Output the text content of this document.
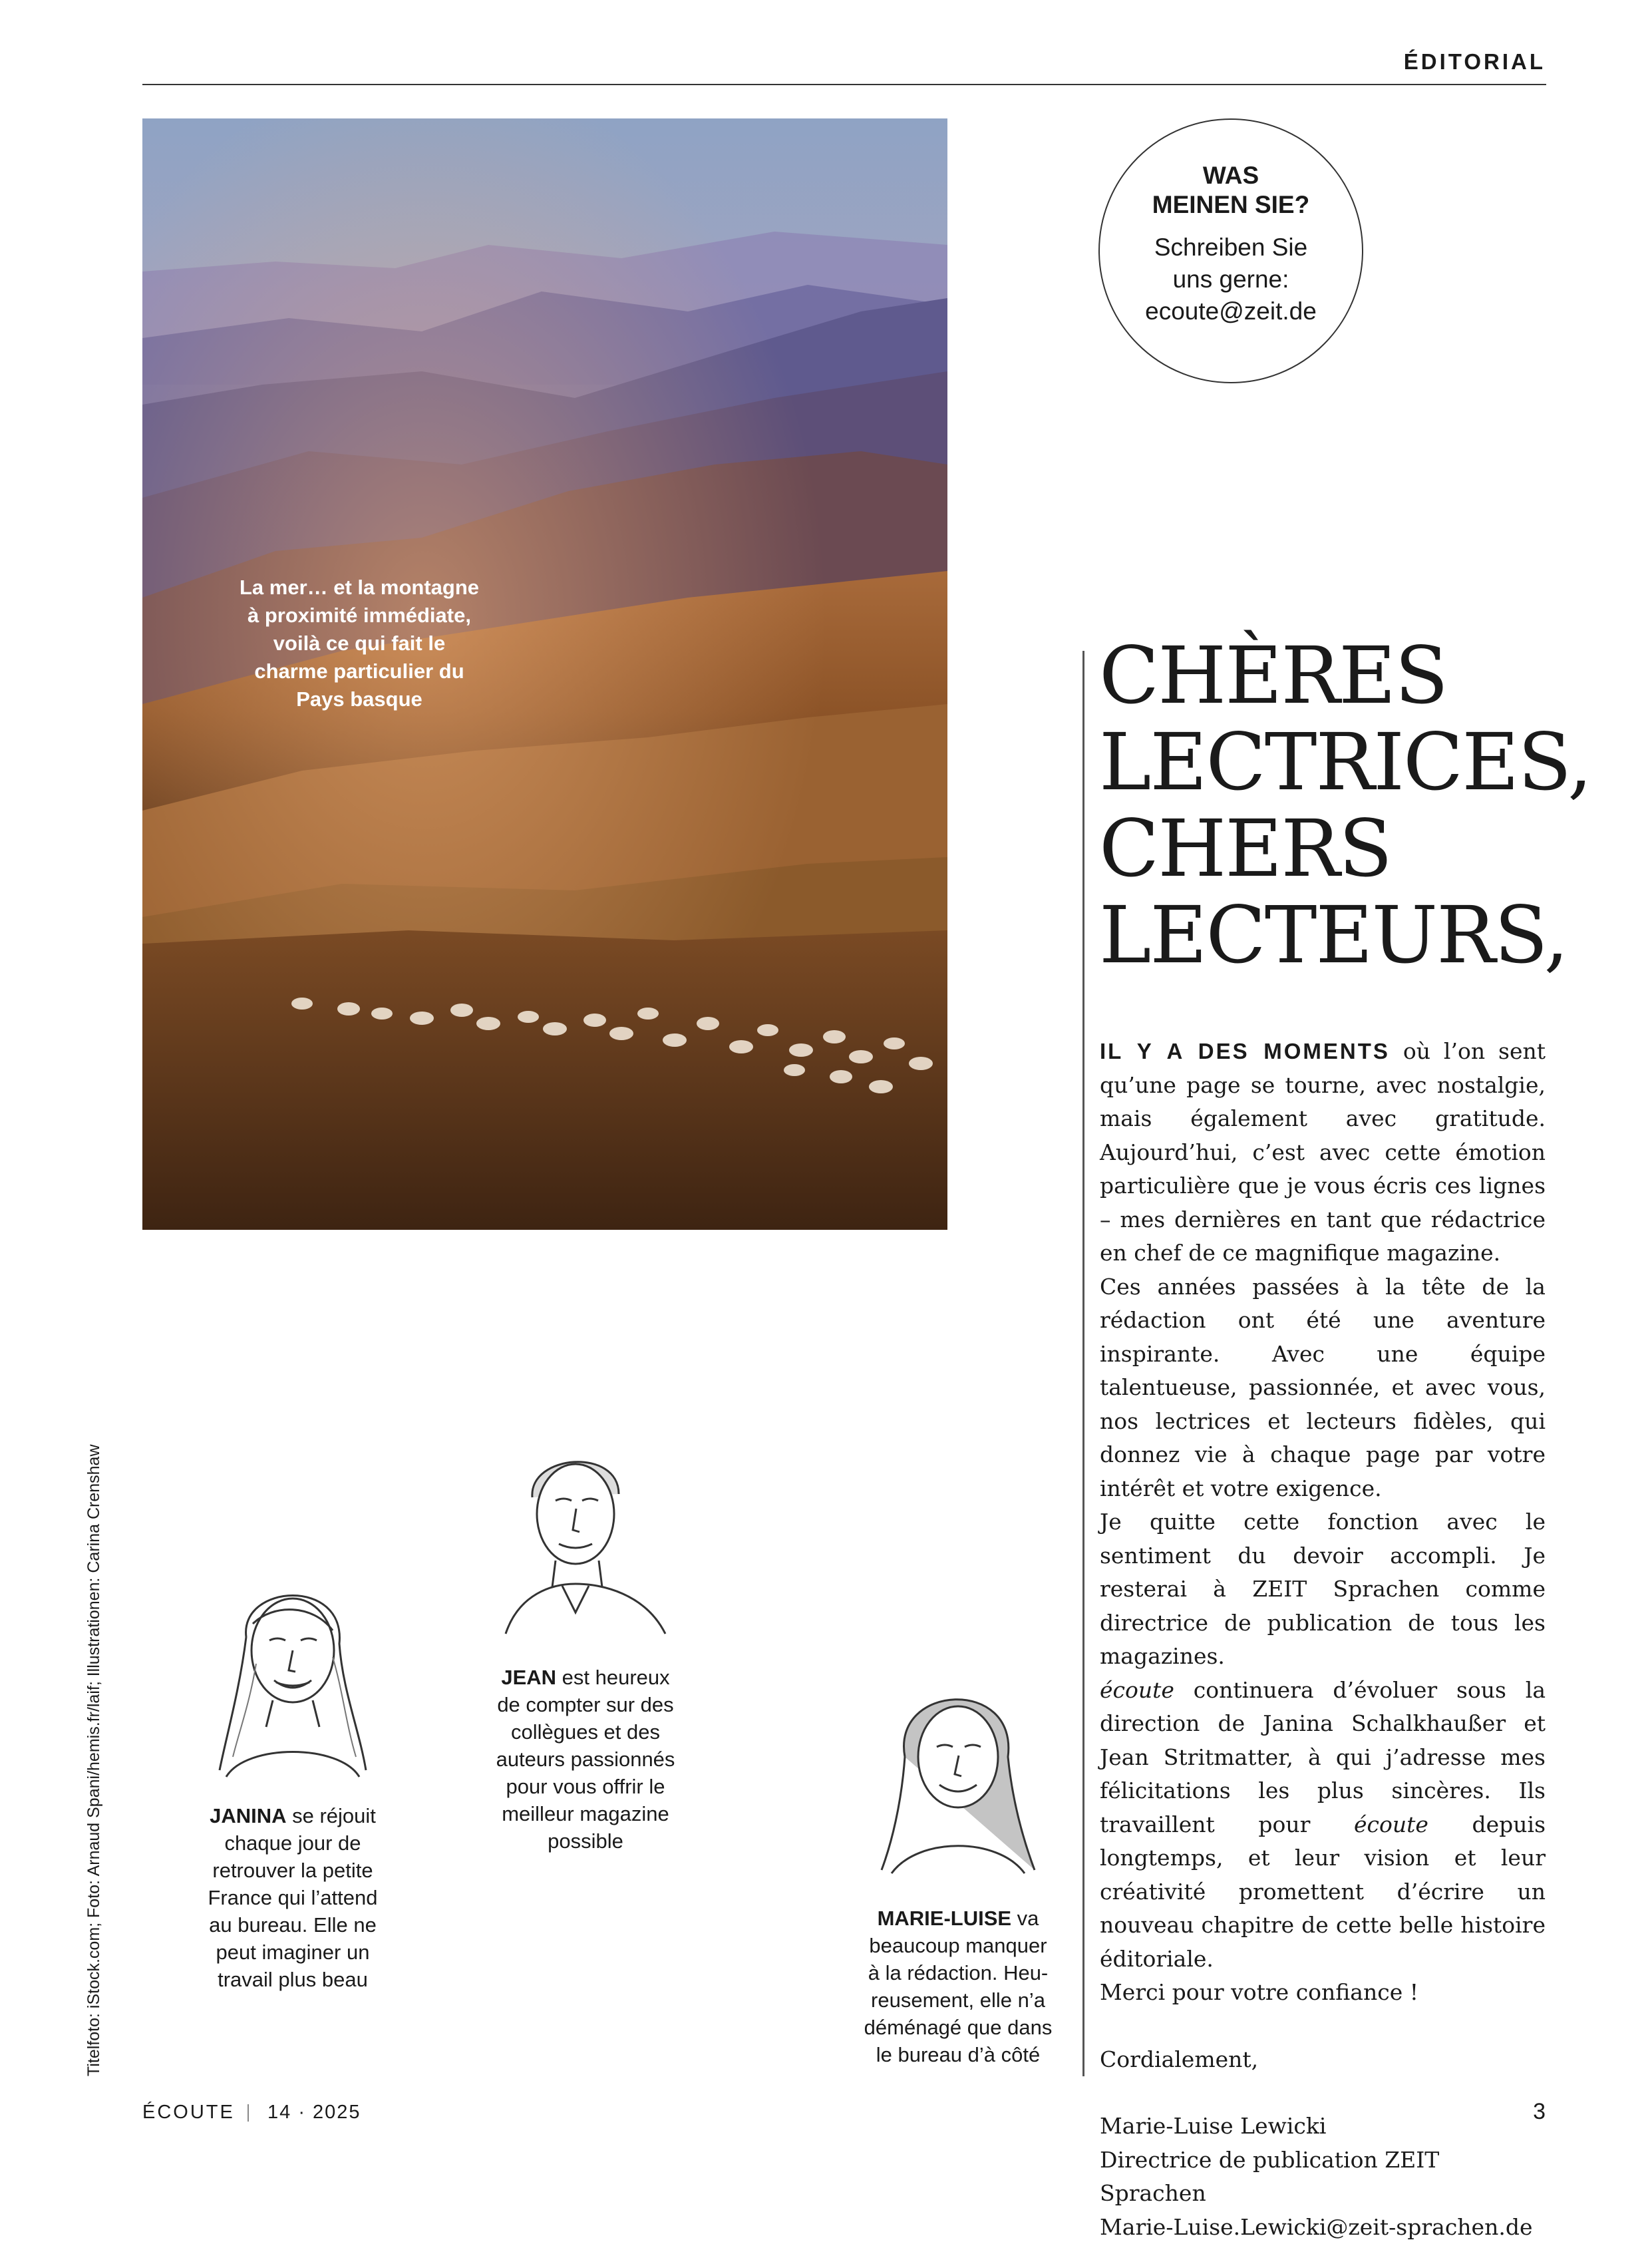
ÉDITORIAL
La mer… et la montagne
à proximité immédiate,
voilà ce qui fait le
charme particulier du
Pays basque
WAS
MEINEN SIE?
Schreiben Sie
uns gerne:
ecoute@zeit.de
CHÈRES
LECTRICES,
CHERS
LECTEURS,

IL Y A DES MOMENTS où l’on sent qu’une page se tourne, avec nostalgie, mais également avec gratitude. Aujourd’hui, c’est avec cette émotion particulière que je vous écris ces lignes – mes dernières en tant que rédactrice en chef de ce magnifique magazine.

Ces années passées à la tête de la rédaction ont été une aventure inspirante. Avec une équipe talentueuse, passionnée, et avec vous, nos lectrices et lecteurs fidèles, qui donnez vie à chaque page par votre intérêt et votre exigence.

Je quitte cette fonction avec le sentiment du devoir accompli. Je resterai à ZEIT Sprachen comme directrice de publication de tous les magazines.

écoute continuera d’évoluer sous la direction de Janina Schalkhaußer et Jean Stritmatter, à qui j’adresse mes félicitations les plus sincères. Ils travaillent pour écoute depuis longtemps, et leur vision et leur créativité promettent d’écrire un nouveau chapitre de cette belle histoire éditoriale.

Merci pour votre confiance !

Cordialement,

Marie-Luise Lewicki

Directrice de publication ZEIT Sprachen

Marie-Luise.Lewicki@zeit-sprachen.de

JANINA se réjouit
chaque jour de
retrouver la petite
France qui l’attend
au bureau. Elle ne
peut imaginer un
travail plus beau
JEAN est heureux
de compter sur des
collègues et des
auteurs passionnés
pour vous offrir le
meilleur magazine
possible
MARIE-LUISE va
beaucoup manquer
à la rédaction. Heu-
reusement, elle n’a
déménagé que dans
le bureau d’à côté
Titelfoto: iStock.com; Foto: Arnaud Spani/hemis.fr/laif; Illustrationen: Carina Crenshaw
ÉCOUTE 14 · 2025	3
